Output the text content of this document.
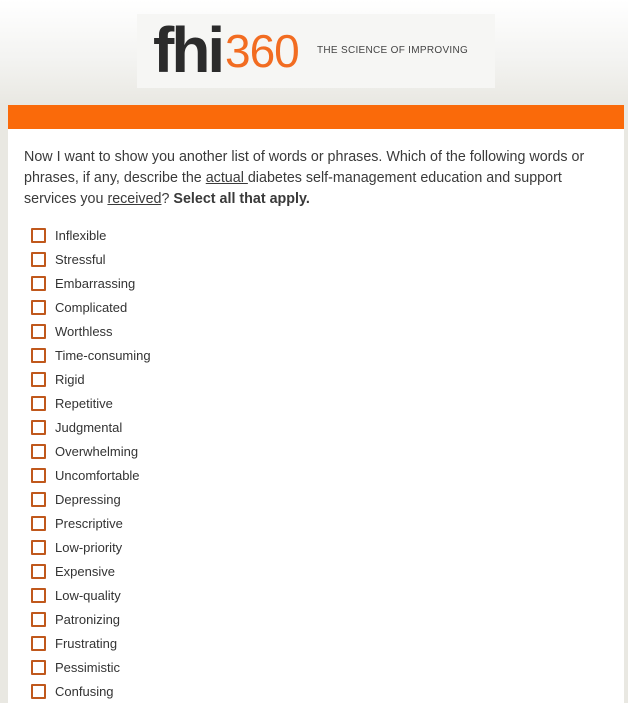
fhi 360 THE SCIENCE OF IMPROVING
Now I want to show you another list of words or phrases. Which of the following words or phrases, if any, describe the actual diabetes self-management education and support services you received? Select all that apply.
Inflexible
Stressful
Embarrassing
Complicated
Worthless
Time-consuming
Rigid
Repetitive
Judgmental
Overwhelming
Uncomfortable
Depressing
Prescriptive
Low-priority
Expensive
Low-quality
Patronizing
Frustrating
Pessimistic
Confusing
